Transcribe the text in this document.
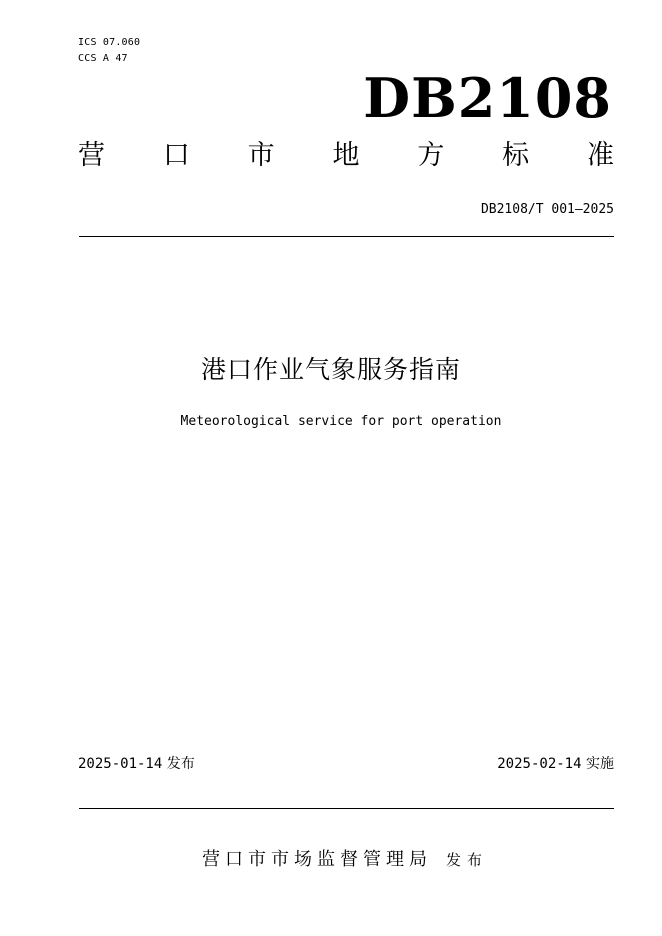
ICS 07.060
CCS A 47
DB2108
营 口 市 地 方 标 准
DB2108/T 001—2025
港口作业气象服务指南
Meteorological service for port operation
2025-01-14 发布	2025-02-14 实施
营口市市场监督管理局 发布
